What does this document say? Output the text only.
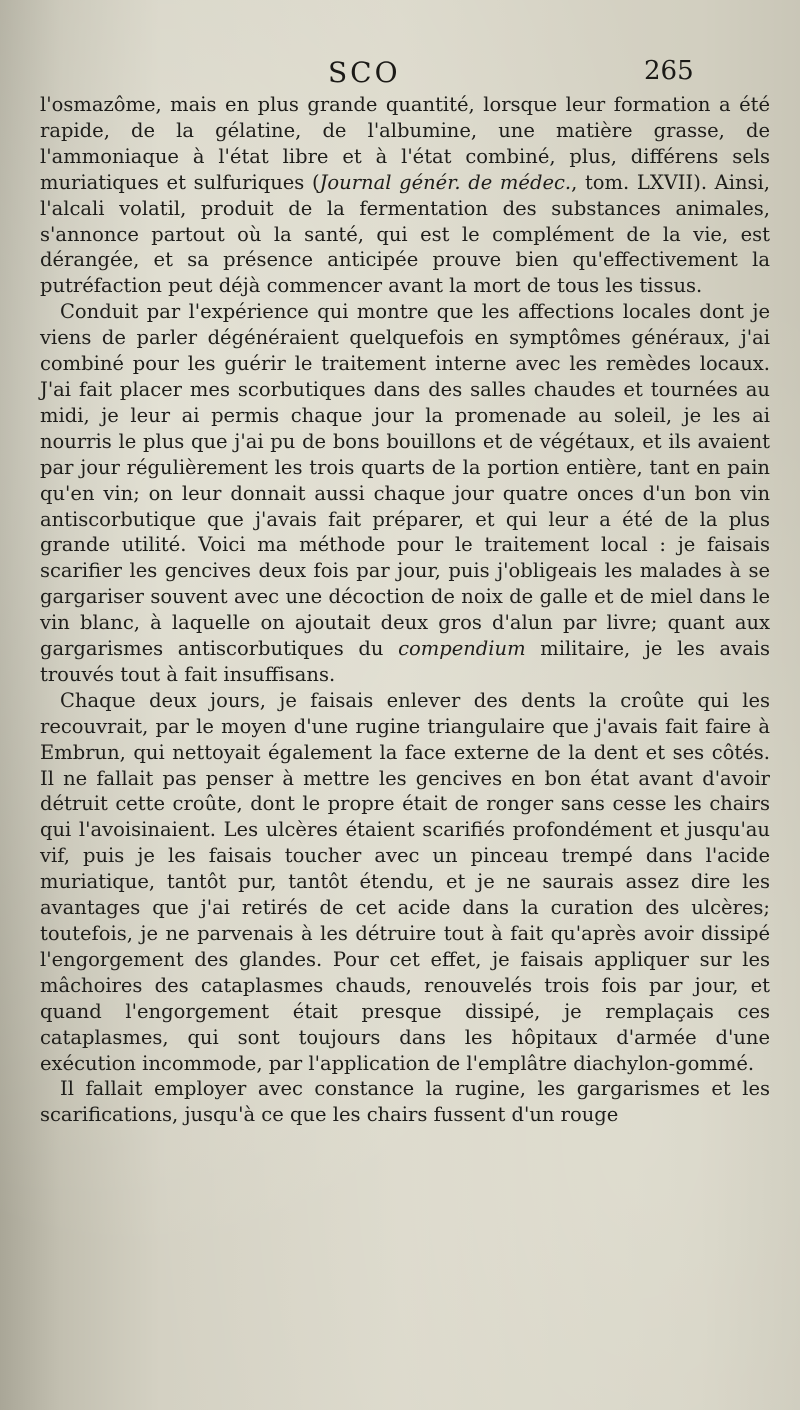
SCO	265

l'osmazôme, mais en plus grande quantité, lorsque leur formation a été rapide, de la gélatine, de l'albumine, une matière grasse, de l'ammoniaque à l'état libre et à l'état combiné, plus, différens sels muriatiques et sulfuriques (Journal génér. de médec., tom. LXVII). Ainsi, l'alcali volatil, produit de la fermentation des substances animales, s'annonce partout où la santé, qui est le complément de la vie, est dérangée, et sa présence anticipée prouve bien qu'effectivement la putréfaction peut déjà commencer avant la mort de tous les tissus.

Conduit par l'expérience qui montre que les affections locales dont je viens de parler dégénéraient quelquefois en symptômes généraux, j'ai combiné pour les guérir le traitement interne avec les remèdes locaux. J'ai fait placer mes scorbutiques dans des salles chaudes et tournées au midi, je leur ai permis chaque jour la promenade au soleil, je les ai nourris le plus que j'ai pu de bons bouillons et de végétaux, et ils avaient par jour régulièrement les trois quarts de la portion entière, tant en pain qu'en vin; on leur donnait aussi chaque jour quatre onces d'un bon vin antiscorbutique que j'avais fait préparer, et qui leur a été de la plus grande utilité. Voici ma méthode pour le traitement local : je faisais scarifier les gencives deux fois par jour, puis j'obligeais les malades à se gargariser souvent avec une décoction de noix de galle et de miel dans le vin blanc, à laquelle on ajoutait deux gros d'alun par livre; quant aux gargarismes antiscorbutiques du compendium militaire, je les avais trouvés tout à fait insuffisans.

Chaque deux jours, je faisais enlever des dents la croûte qui les recouvrait, par le moyen d'une rugine triangulaire que j'avais fait faire à Embrun, qui nettoyait également la face externe de la dent et ses côtés. Il ne fallait pas penser à mettre les gencives en bon état avant d'avoir détruit cette croûte, dont le propre était de ronger sans cesse les chairs qui l'avoisinaient. Les ulcères étaient scarifiés profondément et jusqu'au vif, puis je les faisais toucher avec un pinceau trempé dans l'acide muriatique, tantôt pur, tantôt étendu, et je ne saurais assez dire les avantages que j'ai retirés de cet acide dans la curation des ulcères; toutefois, je ne parvenais à les détruire tout à fait qu'après avoir dissipé l'engorgement des glandes. Pour cet effet, je faisais appliquer sur les mâchoires des cataplasmes chauds, renouvelés trois fois par jour, et quand l'engorgement était presque dissipé, je remplaçais ces cataplasmes, qui sont toujours dans les hôpitaux d'armée d'une exécution incommode, par l'application de l'emplâtre diachylon-gommé.

Il fallait employer avec constance la rugine, les gargarismes et les scarifications, jusqu'à ce que les chairs fussent d'un rouge
